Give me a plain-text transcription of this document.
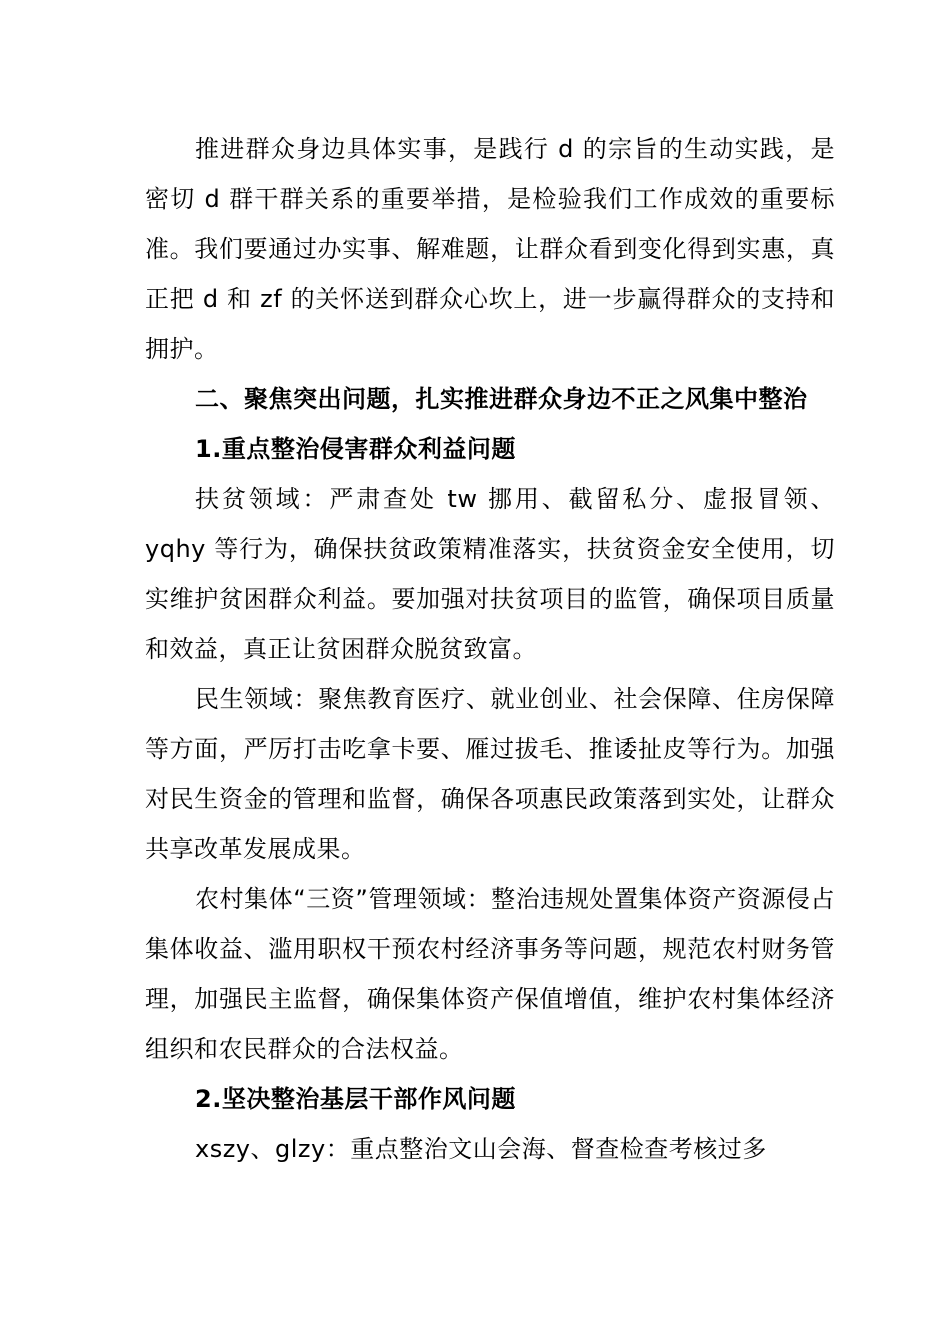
推进群众身边具体实事，是践行 d 的宗旨的生动实践，是密切 d 群干群关系的重要举措，是检验我们工作成效的重要标准。我们要通过办实事、解难题，让群众看到变化得到实惠，真正把 d 和 zf 的关怀送到群众心坎上，进一步赢得群众的支持和拥护。

二、聚焦突出问题，扎实推进群众身边不正之风集中整治

1.重点整治侵害群众利益问题

扶贫领域：严肃查处 tw 挪用、截留私分、虚报冒领、yqhy 等行为，确保扶贫政策精准落实，扶贫资金安全使用，切实维护贫困群众利益。要加强对扶贫项目的监管，确保项目质量和效益，真正让贫困群众脱贫致富。

民生领域：聚焦教育医疗、就业创业、社会保障、住房保障等方面，严厉打击吃拿卡要、雁过拔毛、推诿扯皮等行为。加强对民生资金的管理和监督，确保各项惠民政策落到实处，让群众共享改革发展成果。

农村集体“三资”管理领域：整治违规处置集体资产资源侵占集体收益、滥用职权干预农村经济事务等问题，规范农村财务管理，加强民主监督，确保集体资产保值增值，维护农村集体经济组织和农民群众的合法权益。

2.坚决整治基层干部作风问题

xszy、glzy：重点整治文山会海、督查检查考核过多
